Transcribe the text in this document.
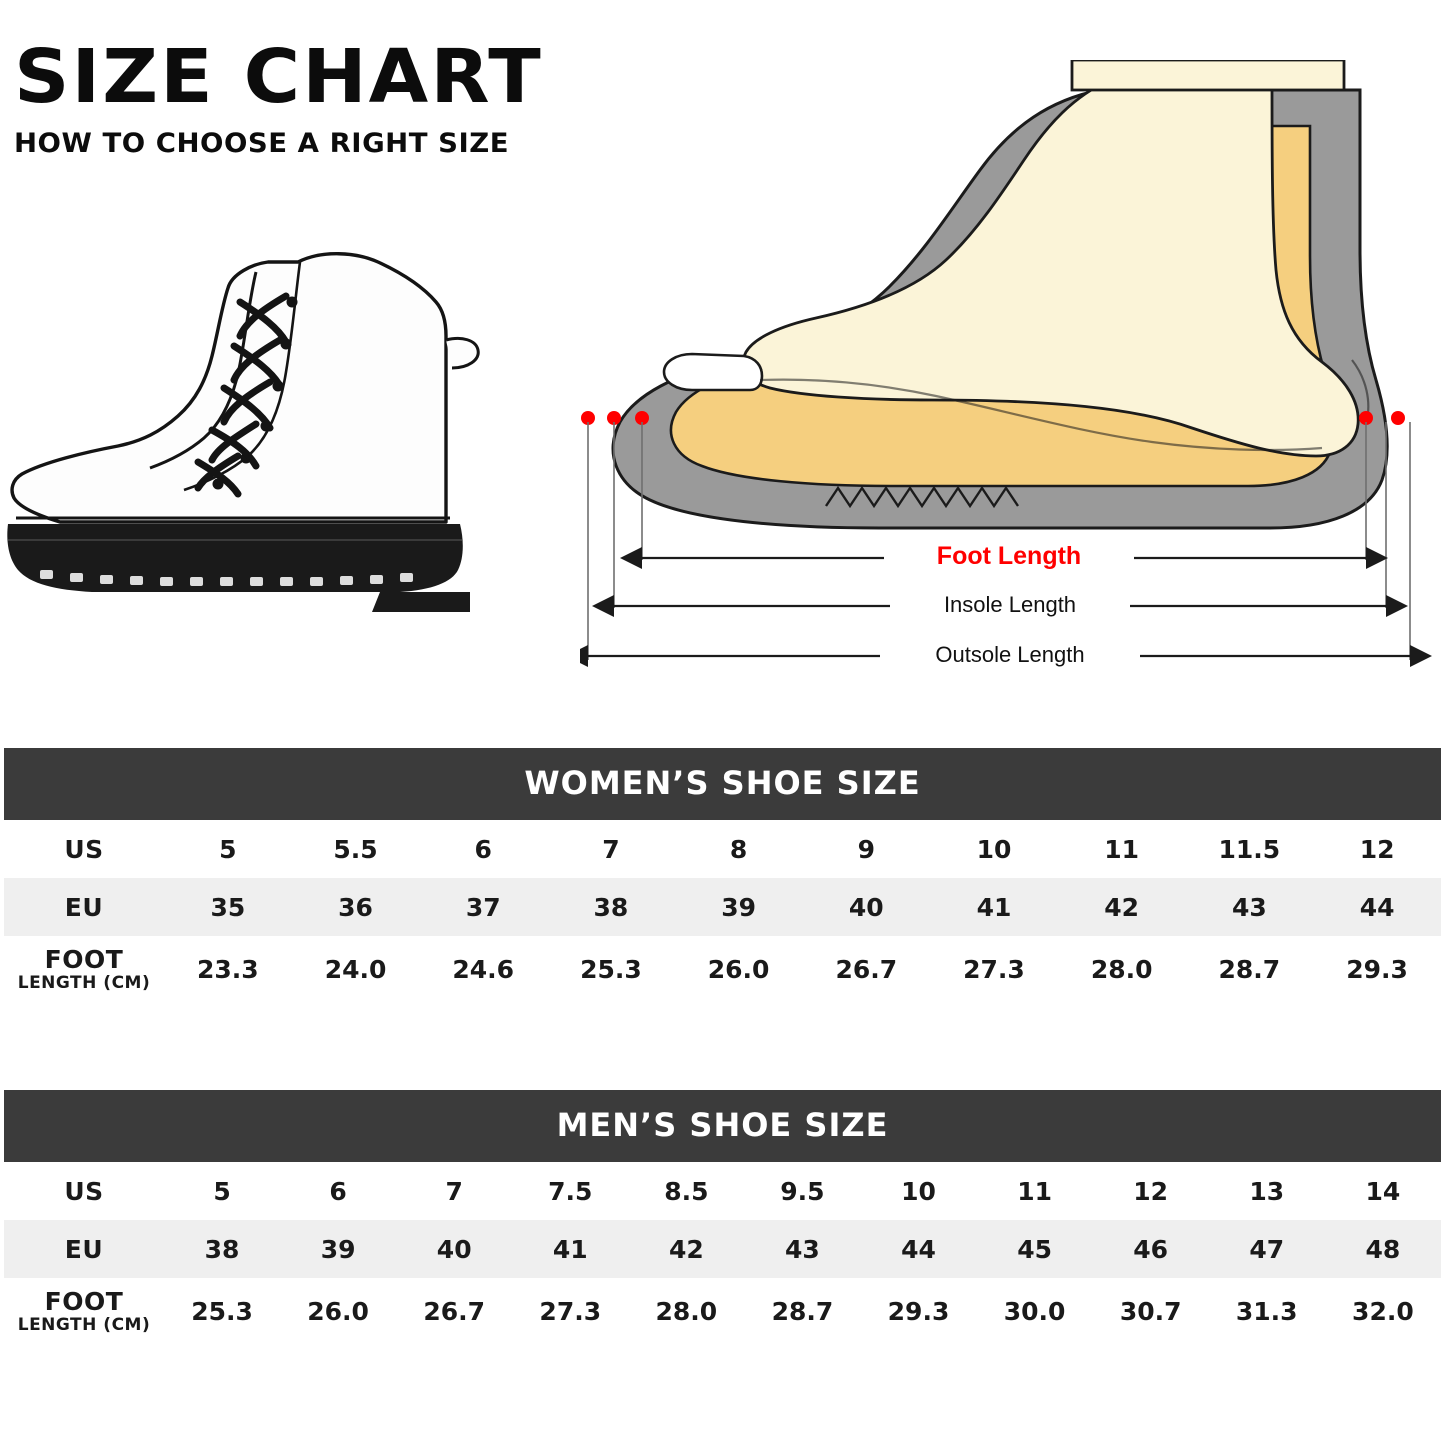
SIZE CHART
HOW TO CHOOSE A RIGHT SIZE
Foot Length
Insole Length
Outsole Length
WOMEN’S SHOE SIZE
US	5	5.5	6	7	8	9	10	11	11.5	12
EU	35	36	37	38	39	40	41	42	43	44
FOOT
LENGTH (CM)	23.3	24.0	24.6	25.3	26.0	26.7	27.3	28.0	28.7	29.3
MEN’S SHOE SIZE
US	5	6	7	7.5	8.5	9.5	10	11	12	13	14
EU	38	39	40	41	42	43	44	45	46	47	48
FOOT
LENGTH (CM)	25.3	26.0	26.7	27.3	28.0	28.7	29.3	30.0	30.7	31.3	32.0
